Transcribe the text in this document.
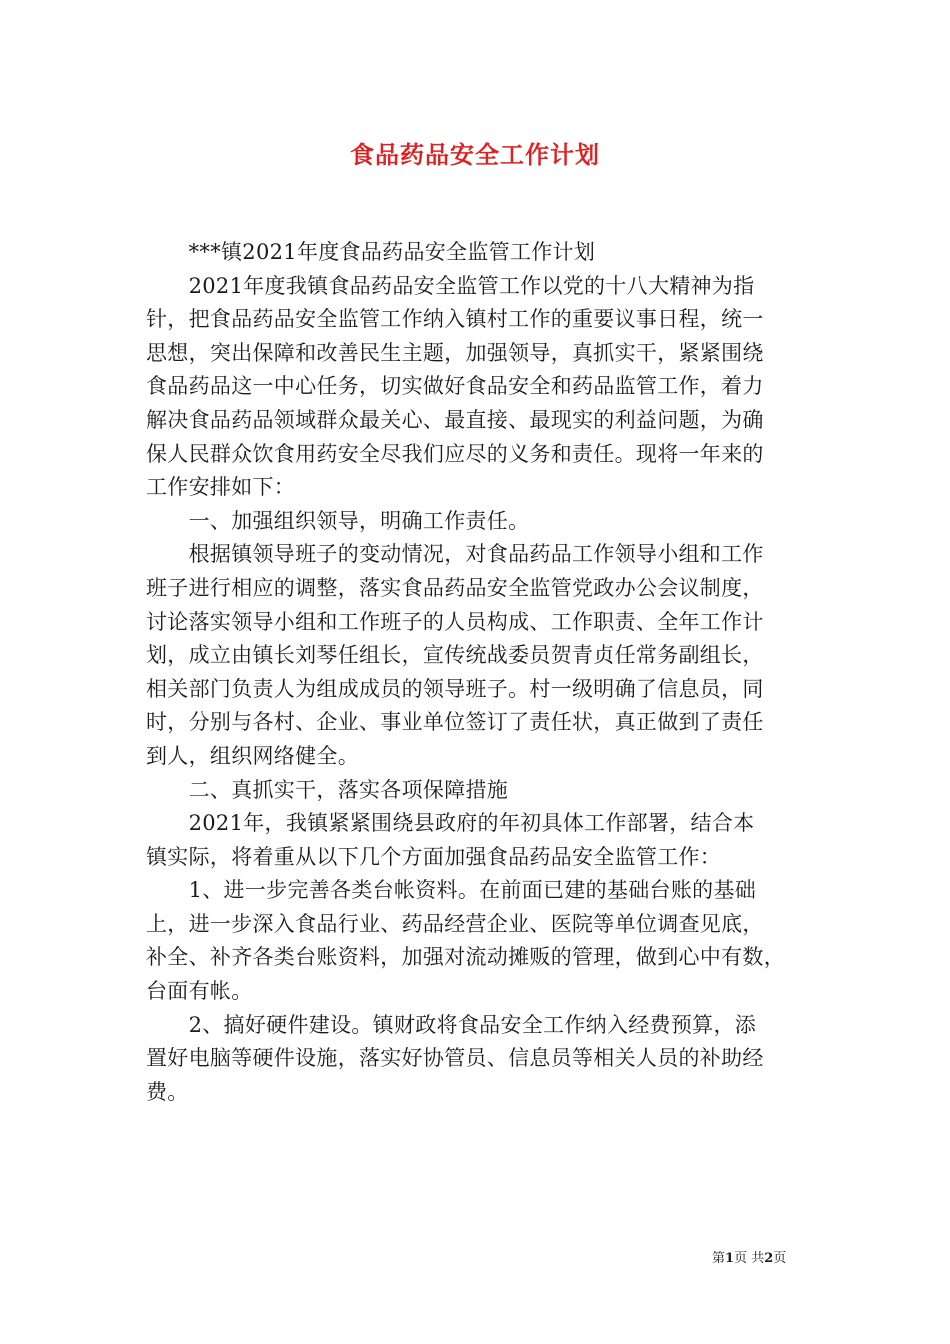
食品药品安全工作计划
　　***镇2021年度食品药品安全监管工作计划
　　2021年度我镇食品药品安全监管工作以党的十八大精神为指
针，把食品药品安全监管工作纳入镇村工作的重要议事日程，统一
思想，突出保障和改善民生主题，加强领导，真抓实干，紧紧围绕
食品药品这一中心任务，切实做好食品安全和药品监管工作，着力
解决食品药品领域群众最关心、最直接、最现实的利益问题，为确
保人民群众饮食用药安全尽我们应尽的义务和责任。现将一年来的
工作安排如下：
　　一、加强组织领导，明确工作责任。
　　根据镇领导班子的变动情况，对食品药品工作领导小组和工作
班子进行相应的调整，落实食品药品安全监管党政办公会议制度，
讨论落实领导小组和工作班子的人员构成、工作职责、全年工作计
划，成立由镇长刘琴任组长，宣传统战委员贺青贞任常务副组长，
相关部门负责人为组成成员的领导班子。村一级明确了信息员，同
时，分别与各村、企业、事业单位签订了责任状，真正做到了责任
到人，组织网络健全。
　　二、真抓实干，落实各项保障措施
　　2021年，我镇紧紧围绕县政府的年初具体工作部署，结合本
镇实际，将着重从以下几个方面加强食品药品安全监管工作：
　　1、进一步完善各类台帐资料。在前面已建的基础台账的基础
上，进一步深入食品行业、药品经营企业、医院等单位调查见底，
补全、补齐各类台账资料，加强对流动摊贩的管理，做到心中有数，
台面有帐。
　　2、搞好硬件建设。镇财政将食品安全工作纳入经费预算，添
置好电脑等硬件设施，落实好协管员、信息员等相关人员的补助经
费。
第1页 共2页
